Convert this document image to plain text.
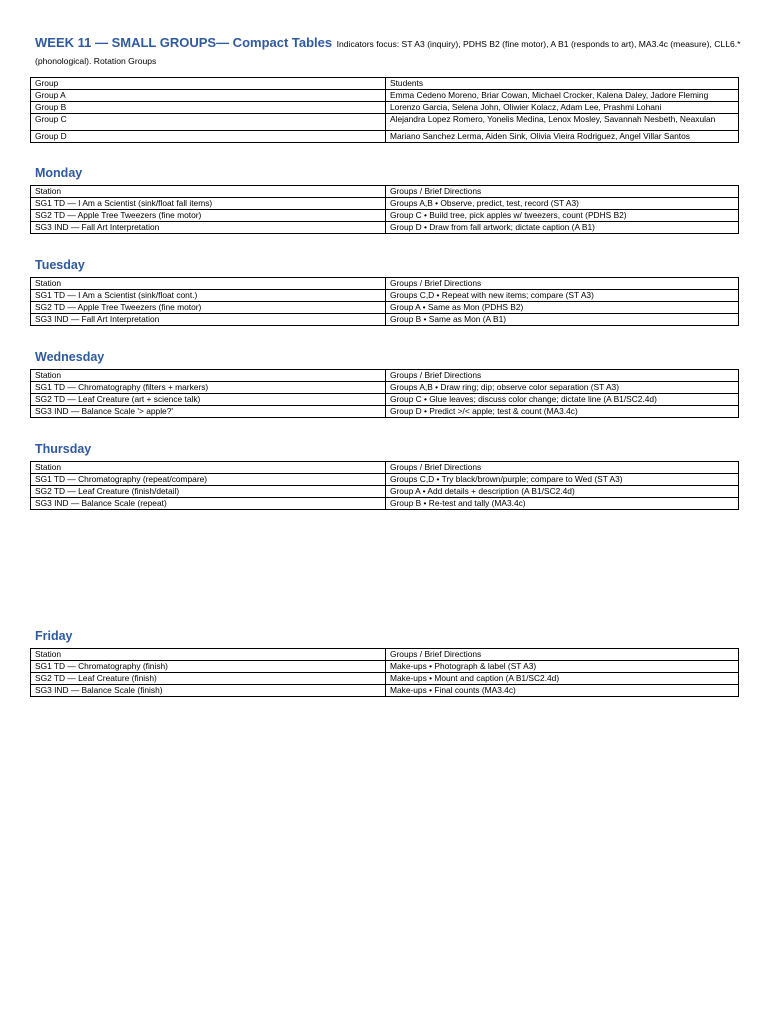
WEEK 11 — SMALL GROUPS— Compact Tables Indicators focus: ST A3 (inquiry), PDHS B2 (fine motor), A B1 (responds to art), MA3.4c (measure), CLL6.*
(phonological). Rotation Groups
Group	Students
Group A	Emma Cedeno Moreno, Briar Cowan, Michael Crocker, Kalena Daley, Jadore Fleming
Group B	Lorenzo Garcia, Selena John, Oliwier Kolacz, Adam Lee, Prashmi Lohani
Group C	Alejandra Lopez Romero, Yonelis Medina, Lenox Mosley, Savannah Nesbeth, Neaxulan
Group D	Mariano Sanchez Lerma, Aiden Sink, Olivia Vieira Rodriguez, Angel Villar Santos
Monday
Station	Groups / Brief Directions
SG1 TD — I Am a Scientist (sink/float fall items)	Groups A,B • Observe, predict, test, record (ST A3)
SG2 TD — Apple Tree Tweezers (fine motor)	Group C • Build tree, pick apples w/ tweezers, count (PDHS B2)
SG3 IND — Fall Art Interpretation	Group D • Draw from fall artwork; dictate caption (A B1)
Tuesday
Station	Groups / Brief Directions
SG1 TD — I Am a Scientist (sink/float cont.)	Groups C,D • Repeat with new items; compare (ST A3)
SG2 TD — Apple Tree Tweezers (fine motor)	Group A • Same as Mon (PDHS B2)
SG3 IND — Fall Art Interpretation	Group B • Same as Mon (A B1)
Wednesday
Station	Groups / Brief Directions
SG1 TD — Chromatography (filters + markers)	Groups A,B • Draw ring; dip; observe color separation (ST A3)
SG2 TD — Leaf Creature (art + science talk)	Group C • Glue leaves; discuss color change; dictate line (A B1/SC2.4d)
SG3 IND — Balance Scale '> apple?'	Group D • Predict >/< apple; test & count (MA3.4c)
Thursday
Station	Groups / Brief Directions
SG1 TD — Chromatography (repeat/compare)	Groups C,D • Try black/brown/purple; compare to Wed (ST A3)
SG2 TD — Leaf Creature (finish/detail)	Group A • Add details + description (A B1/SC2.4d)
SG3 IND — Balance Scale (repeat)	Group B • Re-test and tally (MA3.4c)
Friday
Station	Groups / Brief Directions
SG1 TD — Chromatography (finish)	Make-ups • Photograph & label (ST A3)
SG2 TD — Leaf Creature (finish)	Make-ups • Mount and caption (A B1/SC2.4d)
SG3 IND — Balance Scale (finish)	Make-ups • Final counts (MA3.4c)
